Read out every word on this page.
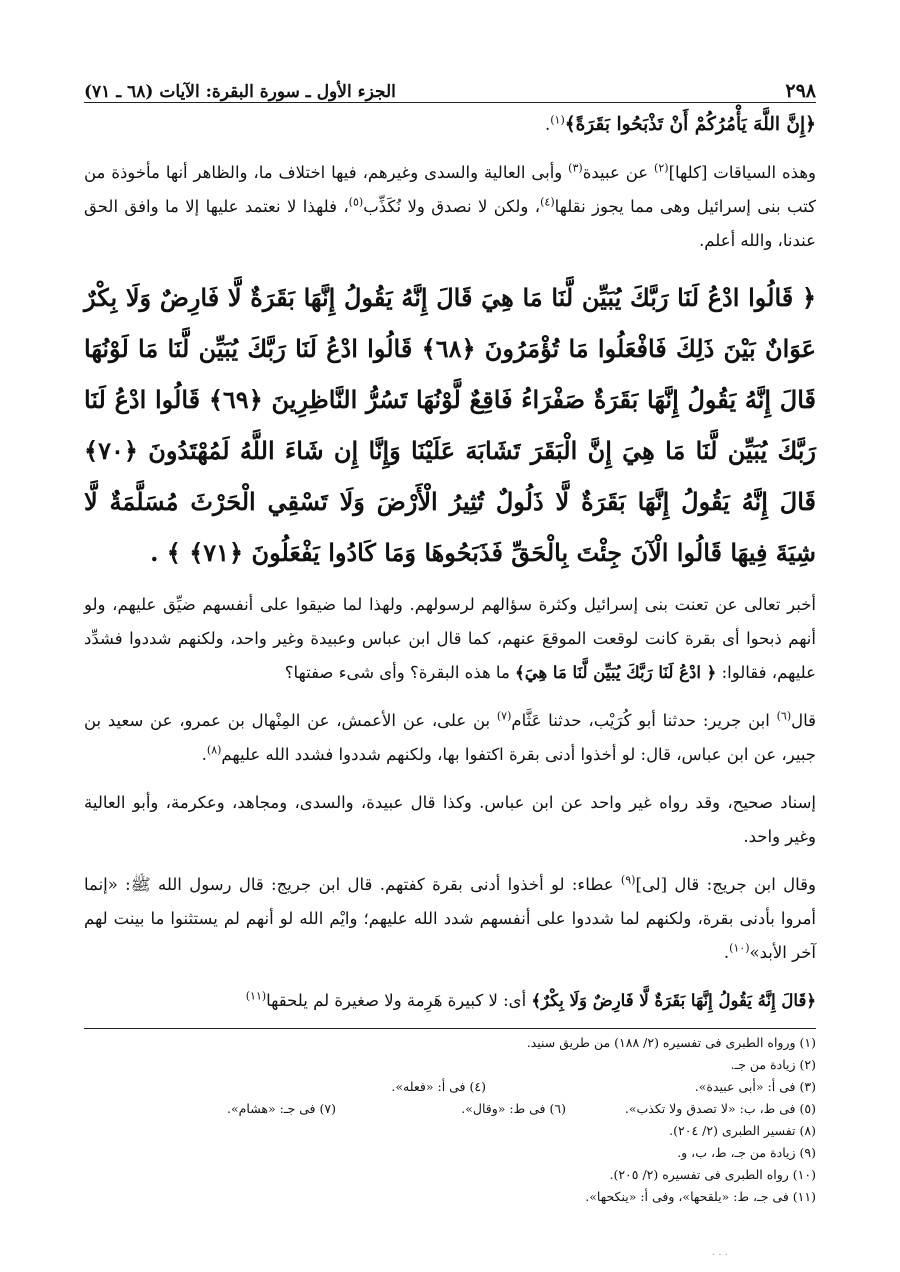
٢٩٨
الجزء الأول ـ سورة البقرة: الآيات (٦٨ ـ ٧١)

﴿إِنَّ اللَّهَ يَأْمُرُكُمْ أَنْ تَذْبَحُوا بَقَرَةً﴾$^{(١)}$.

وهذه السياقات [كلها]$^{(٢)}$ عن عبيدة$^{(٣)}$ وأبى العالية والسدى وغيرهم، فيها اختلاف ما، والظاهر أنها مأخوذة من كتب بنى إسرائيل وهى مما يجوز نقلها$^{(٤)}$، ولكن لا نصدق ولا نُكَذِّب$^{(٥)}$، فلهذا لا نعتمد عليها إلا ما وافق الحق عندنا، والله أعلم.

﴿ قَالُوا ادْعُ لَنَا رَبَّكَ يُبَيِّن لَّنَا مَا هِيَ قَالَ إِنَّهُ يَقُولُ إِنَّهَا بَقَرَةٌ لَّا فَارِضٌ وَلَا بِكْرٌ عَوَانٌ بَيْنَ ذَلِكَ فَافْعَلُوا مَا تُؤْمَرُونَ ﴿٦٨﴾ قَالُوا ادْعُ لَنَا رَبَّكَ يُبَيِّن لَّنَا مَا لَوْنُهَا قَالَ إِنَّهُ يَقُولُ إِنَّهَا بَقَرَةٌ صَفْرَاءُ فَاقِعٌ لَّوْنُهَا تَسُرُّ النَّاظِرِينَ ﴿٦٩﴾ قَالُوا ادْعُ لَنَا رَبَّكَ يُبَيِّن لَّنَا مَا هِيَ إِنَّ الْبَقَرَ تَشَابَهَ عَلَيْنَا وَإِنَّا إِن شَاءَ اللَّهُ لَمُهْتَدُونَ ﴿٧٠﴾ قَالَ إِنَّهُ يَقُولُ إِنَّهَا بَقَرَةٌ لَّا ذَلُولٌ تُثِيرُ الْأَرْضَ وَلَا تَسْقِي الْحَرْثَ مُسَلَّمَةٌ لَّا شِيَةَ فِيهَا قَالُوا الْآنَ جِئْتَ بِالْحَقِّ فَذَبَحُوهَا وَمَا كَادُوا يَفْعَلُونَ ﴿٧١﴾ ﴾ .

أخبر تعالى عن تعنت بنى إسرائيل وكثرة سؤالهم لرسولهم. ولهذا لما ضيقوا على أنفسهم ضيِّق عليهم، ولو أنهم ذبحوا أى بقرة كانت لوقعت الموقعَ عنهم، كما قال ابن عباس وعبيدة وغير واحد، ولكنهم شددوا فشدِّد عليهم، فقالوا: ﴿ ادْعُ لَنَا رَبَّكَ يُبَيِّن لَّنَا مَا هِيَ﴾ ما هذه البقرة؟ وأى شىء صفتها؟

قال$^{(٦)}$ ابن جرير: حدثنا أبو كُرَيْب، حدثنا عَثَّام$^{(٧)}$ بن على، عن الأعمش، عن المِنْهال بن عمرو، عن سعيد بن جبير، عن ابن عباس، قال: لو أخذوا أدنى بقرة اكتفوا بها، ولكنهم شددوا فشدد الله عليهم$^{(٨)}$.

إسناد صحيح، وقد رواه غير واحد عن ابن عباس. وكذا قال عبيدة، والسدى، ومجاهد، وعكرمة، وأبو العالية وغير واحد.

وقال ابن جريج: قال [لى]$^{(٩)}$ عطاء: لو أخذوا أدنى بقرة كفتهم. قال ابن جريج: قال رسول الله ﷺ: «إنما أمروا بأدنى بقرة، ولكنهم لما شددوا على أنفسهم شدد الله عليهم؛ وايْم الله لو أنهم لم يستثنوا ما بينت لهم آخر الأبد»$^{(١٠)}$.

﴿قَالَ إِنَّهُ يَقُولُ إِنَّهَا بَقَرَةٌ لَّا فَارِضٌ وَلَا بِكْرٌ﴾ أى: لا كبيرة هَرِمة ولا صغيرة لم يلحقها$^{(١١)}$

(١) ورواه الطبرى فى تفسيره (٢/ ١٨٨) من طريق سنيد.
(٢) زيادة من جـ.
(٣) فى أ: «أبى عبيدة».
(٤) فى أ: «فعله».
(٥) فى ط، ب: «لا تصدق ولا تكذب».
(٦) فى ط: «وقال».
(٧) فى جـ: «هشام».
(٨) تفسير الطبرى (٢/ ٢٠٤).
(٩) زيادة من جـ، ط، ب، و.
(١٠) رواه الطبرى فى تفسيره (٢/ ٢٠٥).
(١١) فى جـ، ط: «يلقحها»، وفى أ: «ينكحها».
. . .
